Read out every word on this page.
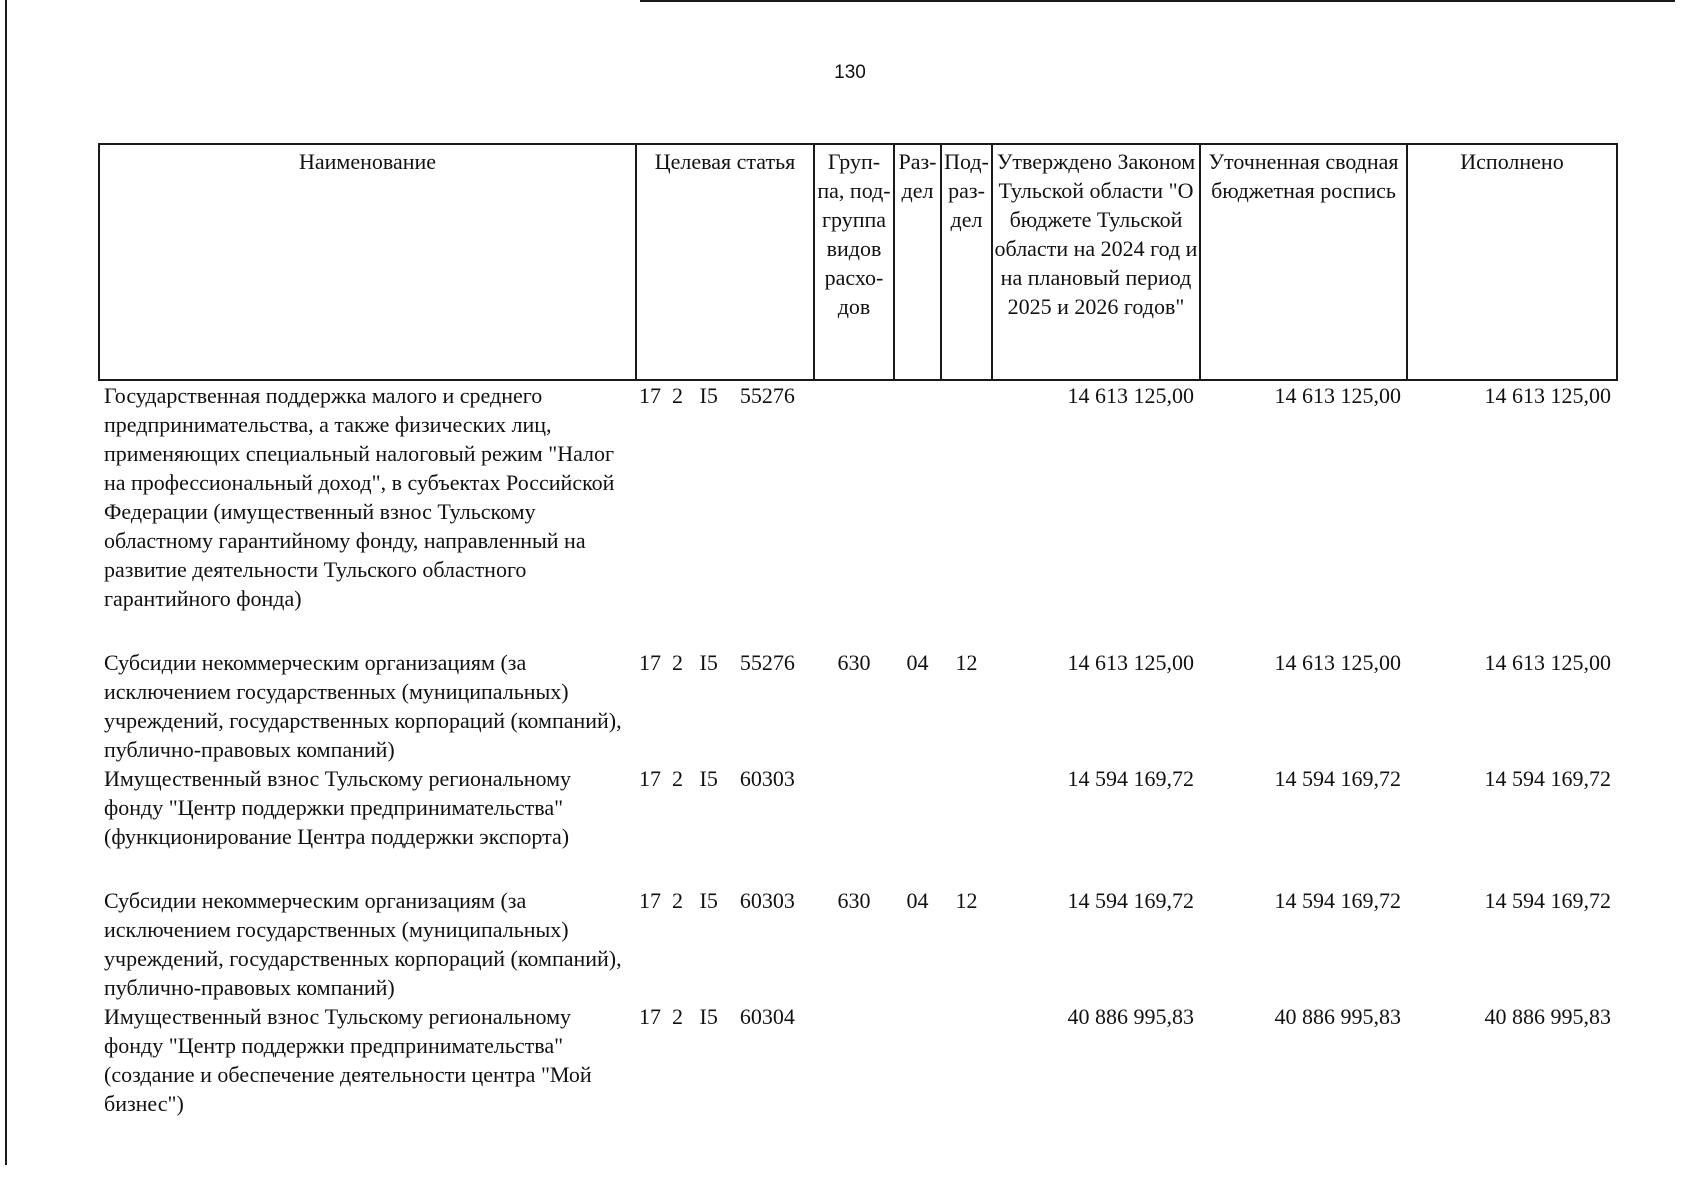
130
Наименование	Целевая статья	Груп-па, под-группа видов расхо-дов	Раз-дел	Под-раз-дел	Утверждено Законом Тульской области "О бюджете Тульской области на 2024 год и на плановый период 2025 и 2026 годов"	Уточненная сводная бюджетная роспись	Исполнено
Государственная поддержка малого и среднего предпринимательства, а также физических лиц, применяющих специальный налоговый режим "Налог на профессиональный доход", в субъектах Российской Федерации (имущественный взнос Тульскому областному гарантийному фонду, направленный на развитие деятельности Тульского областного гарантийного фонда)	17  2   I5    55276				14 613 125,00	14 613 125,00	14 613 125,00
Субсидии некоммерческим организациям (за исключением государственных (муниципальных) учреждений, государственных корпораций (компаний), публично-правовых компаний)	17  2   I5    55276	630	04	12	14 613 125,00	14 613 125,00	14 613 125,00
Имущественный взнос Тульскому региональному фонду "Центр поддержки предпринимательства" (функционирование Центра поддержки экспорта)	17  2   I5    60303				14 594 169,72	14 594 169,72	14 594 169,72
Субсидии некоммерческим организациям (за исключением государственных (муниципальных) учреждений, государственных корпораций (компаний), публично-правовых компаний)	17  2   I5    60303	630	04	12	14 594 169,72	14 594 169,72	14 594 169,72
Имущественный взнос Тульскому региональному фонду "Центр поддержки предпринимательства" (создание и обеспечение деятельности центра "Мой бизнес")	17  2   I5    60304				40 886 995,83	40 886 995,83	40 886 995,83
